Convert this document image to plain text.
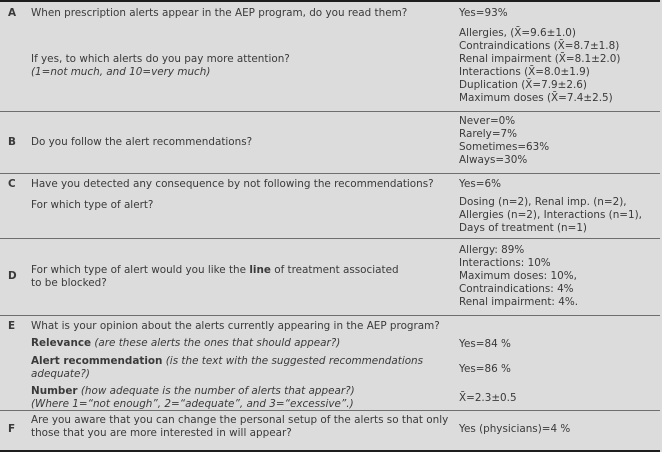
A When prescription alerts appear in the AEP program, do you read them?	Yes=93%
If yes, to which alerts do you pay more attention?
(1=not much, and 10=very much)
Allergies, (X̄=9.6±1.0)
Contraindications (X̄=8.7±1.8)
Renal impairment (X̄=8.1±2.0)
Interactions (X̄=8.0±1.9)
Duplication (X̄=7.9±2.6)
Maximum doses (X̄=7.4±2.5)
B Do you follow the alert recommendations?
Never=0%
Rarely=7%
Sometimes=63%
Always=30%
C Have you detected any consequence by not following the recommendations? Yes=6%
For which type of alert?	Dosing (n=2), Renal imp. (n=2),
Allergies (n=2), Interactions (n=1),
Days of treatment (n=1)
D For which type of alert would you like the line of treatment associated
to be blocked?
Allergy: 89%
Interactions: 10%
Maximum doses: 10%,
Contraindications: 4%
Renal impairment: 4%.
E What is your opinion about the alerts currently appearing in the AEP program?
Relevance (are these alerts the ones that should appear?)	Yes=84 %
Alert recommendation (is the text with the suggested recommendations
adequate?)	Yes=86 %
Number (how adequate is the number of alerts that appear?)
(Where 1=“not enough”, 2=“adequate”, and 3=“excessive”.)	X̄=2.3±0.5
F
Are you aware that you can change the personal setup of the alerts so that only
those that you are more interested in will appear?	Yes (physicians)=4 %
